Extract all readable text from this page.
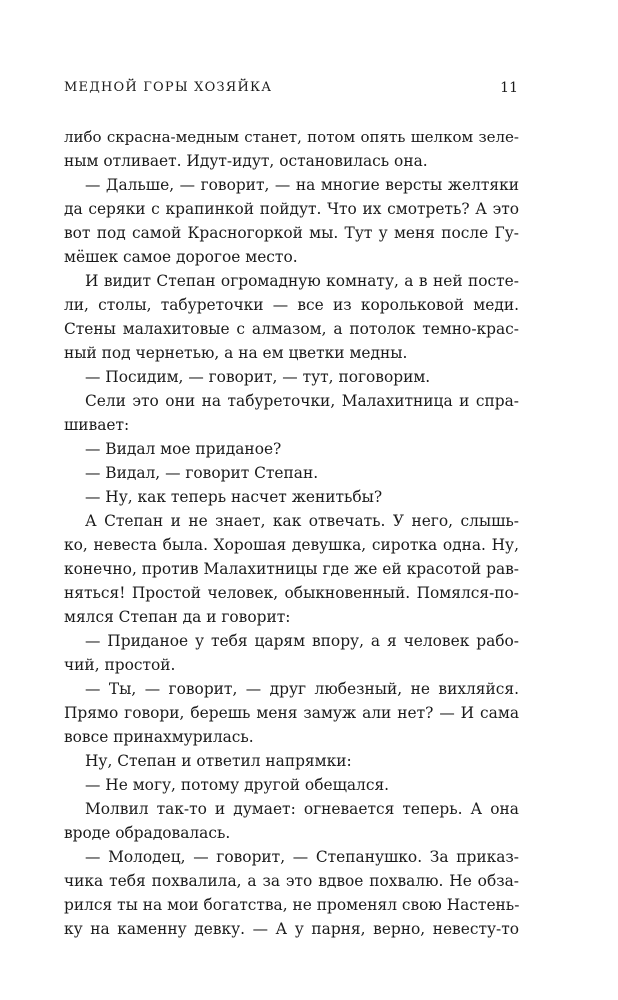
МЕДНОЙ ГОРЫ ХОЗЯЙКА	11
либо скрасна-медным станет, потом опять шелком зеле-
ным отливает. Идут-идут, остановилась она.
— Дальше, — говорит, — на многие версты желтяки
да серяки с крапинкой пойдут. Что их смотреть? А это
вот под самой Красногоркой мы. Тут у меня после Гу-
мёшек самое дорогое место.
И видит Степан огромадную комнату, а в ней посте-
ли, столы, табуреточки — все из корольковой меди.
Стены малахитовые с алмазом, а потолок темно-крас-
ный под чернетью, а на ем цветки медны.
— Посидим, — говорит, — тут, поговорим.
Сели это они на табуреточки, Малахитница и спра-
шивает:
— Видал мое приданое?
— Видал, — говорит Степан.
— Ну, как теперь насчет женитьбы?
А Степан и не знает, как отвечать. У него, слышь-
ко, невеста была. Хорошая девушка, сиротка одна. Ну,
конечно, против Малахитницы где же ей красотой рав-
няться! Простой человек, обыкновенный. Помялся-по-
мялся Степан да и говорит:
— Приданое у тебя царям впору, а я человек рабо-
чий, простой.
— Ты, — говорит, — друг любезный, не вихляйся.
Прямо говори, берешь меня замуж али нет? — И сама
вовсе принахмурилась.
Ну, Степан и ответил напрямки:
— Не могу, потому другой обещался.
Молвил так-то и думает: огневается теперь. А она
вроде обрадовалась.
— Молодец, — говорит, — Степанушко. За приказ-
чика тебя похвалила, а за это вдвое похвалю. Не обза-
рился ты на мои богатства, не променял свою Настень-
ку на каменну девку. — А у парня, верно, невесту-то
